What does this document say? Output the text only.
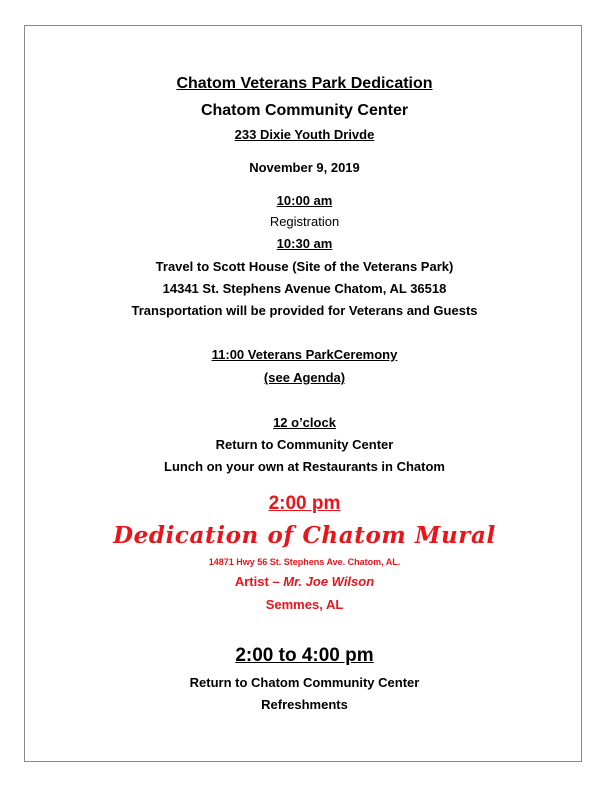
Chatom Veterans Park Dedication
Chatom Community Center
233 Dixie Youth Drivde
November 9, 2019
10:00 am
Registration
10:30 am
Travel to Scott House (Site of the Veterans Park)
14341 St. Stephens Avenue Chatom, AL 36518
Transportation will be provided for Veterans and Guests
11:00 Veterans ParkCeremony
(see Agenda)
12 o’clock
Return to Community Center
Lunch on your own at Restaurants in Chatom
2:00 pm
Dedication of Chatom Mural
14871 Hwy 56 St. Stephens Ave. Chatom, AL.
Artist – Mr. Joe Wilson
Semmes, AL
2:00 to 4:00 pm
Return to Chatom Community Center
Refreshments
